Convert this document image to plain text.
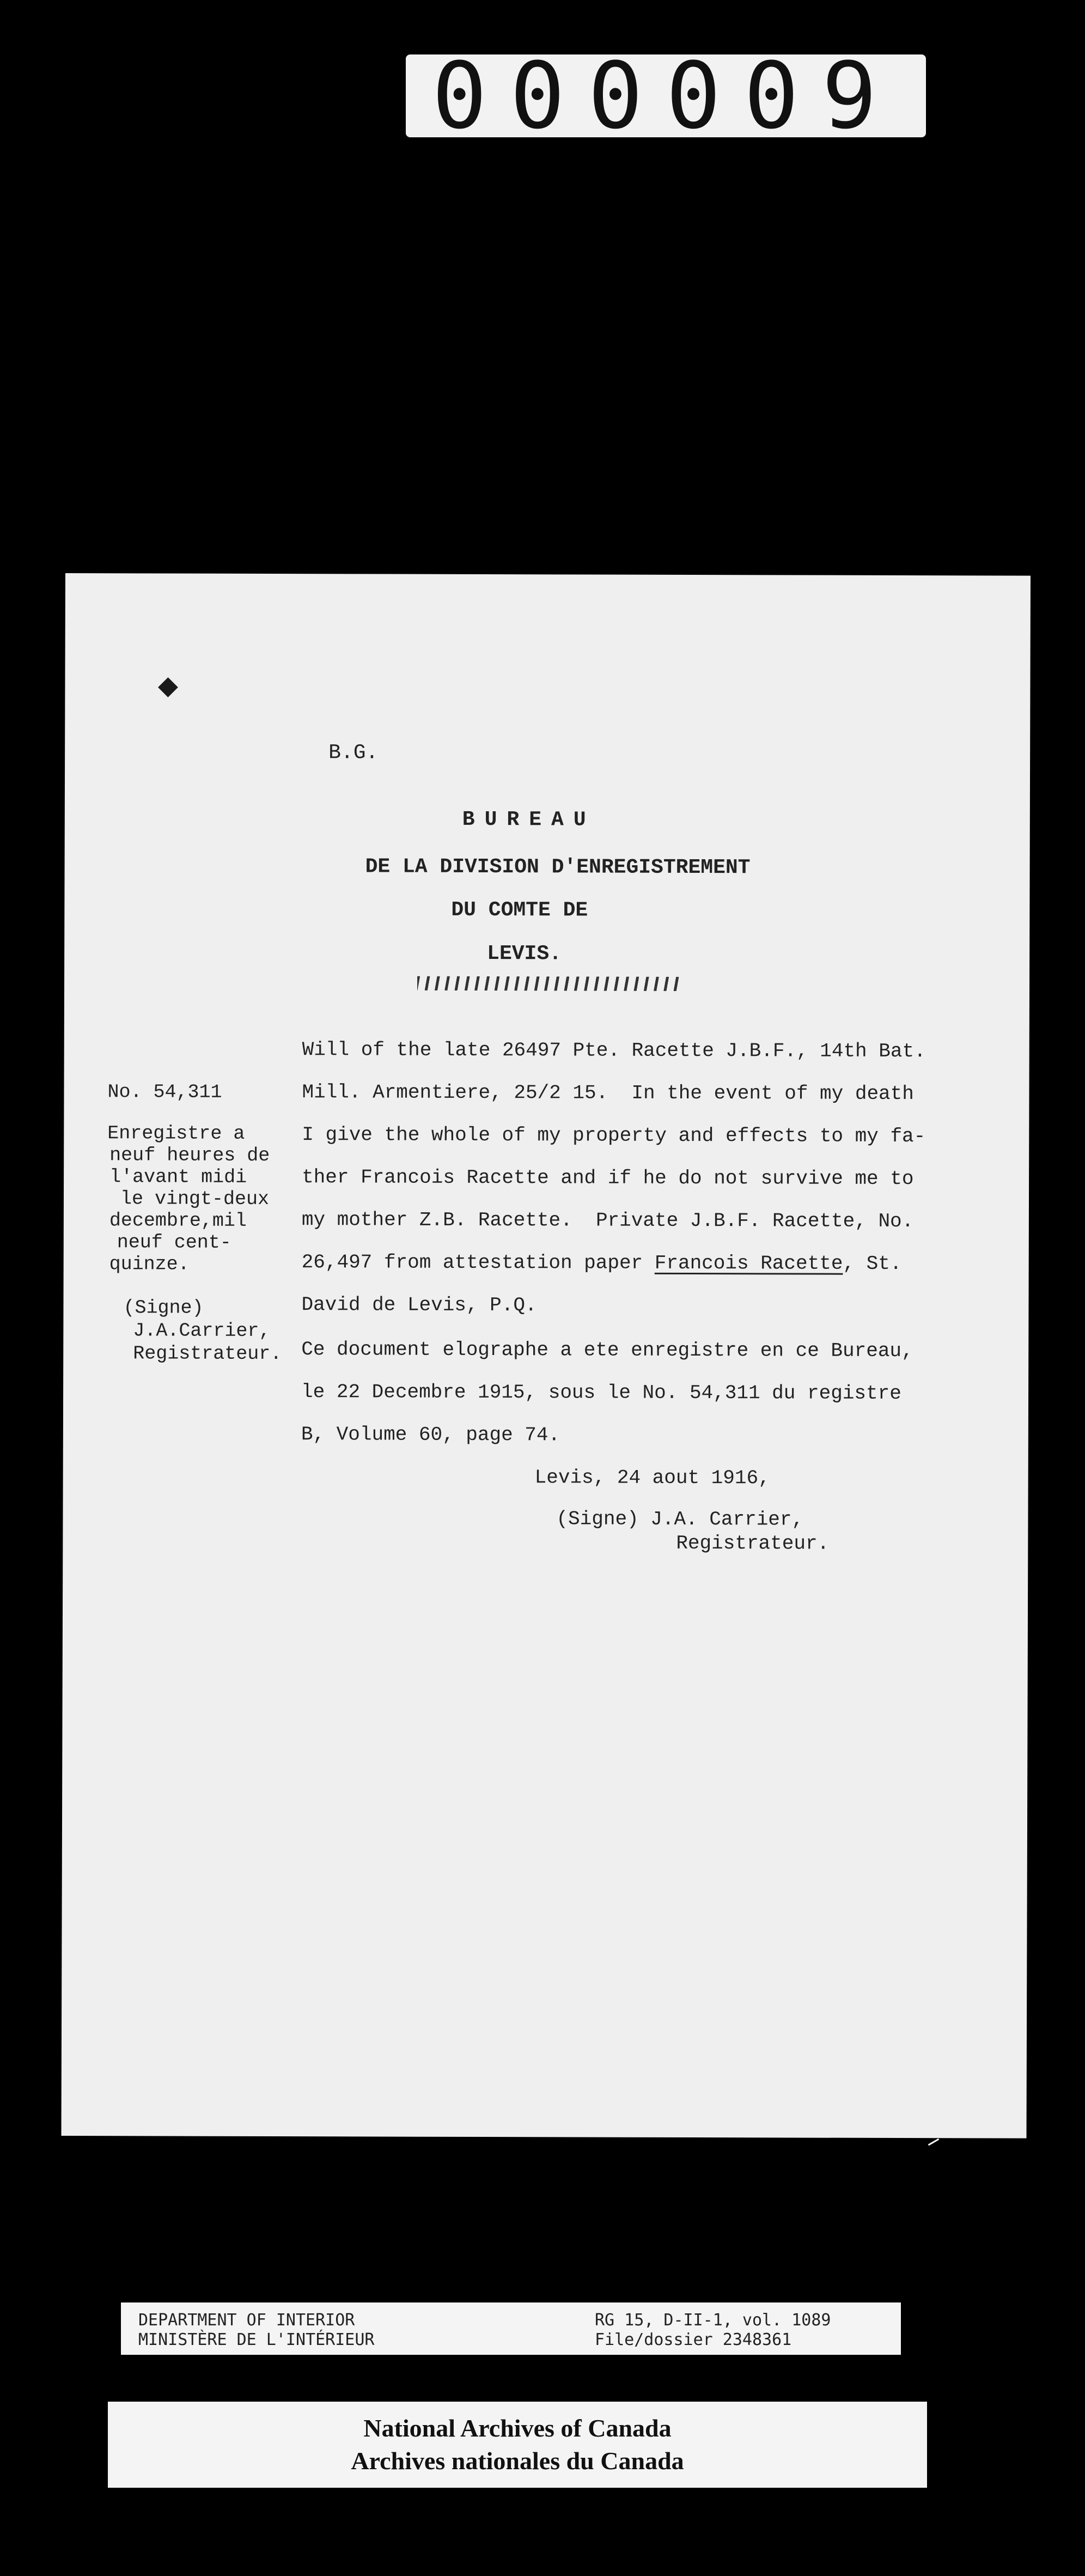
000009
B.G.
BUREAU
DE LA DIVISION D'ENREGISTREMENT
DU COMTE DE
LEVIS.
Will of the late 26497 Pte. Racette J.B.F., 14th Bat.
Mill. Armentiere, 25/2 15.  In the event of my death
I give the whole of my property and effects to my fa-
ther Francois Racette and if he do not survive me to
my mother Z.B. Racette.  Private J.B.F. Racette, No.
26,497 from attestation paper Francois Racette, St.
David de Levis, P.Q.
Ce document elographe a ete enregistre en ce Bureau,
le 22 Decembre 1915, sous le No. 54,311 du registre
B, Volume 60, page 74.
Levis, 24 aout 1916,
(Signe) J.A. Carrier,
Registrateur.
No. 54,311
Enregistre a
neuf heures de
l'avant midi
le vingt-deux
decembre,mil
neuf cent-
quinze.
(Signe)
J.A.Carrier,
Registrateur.
DEPARTMENT OF INTERIOR
MINISTÈRE DE L'INTÉRIEUR
RG 15, D-II-1, vol. 1089
File/dossier 2348361
National Archives of Canada
Archives nationales du Canada
